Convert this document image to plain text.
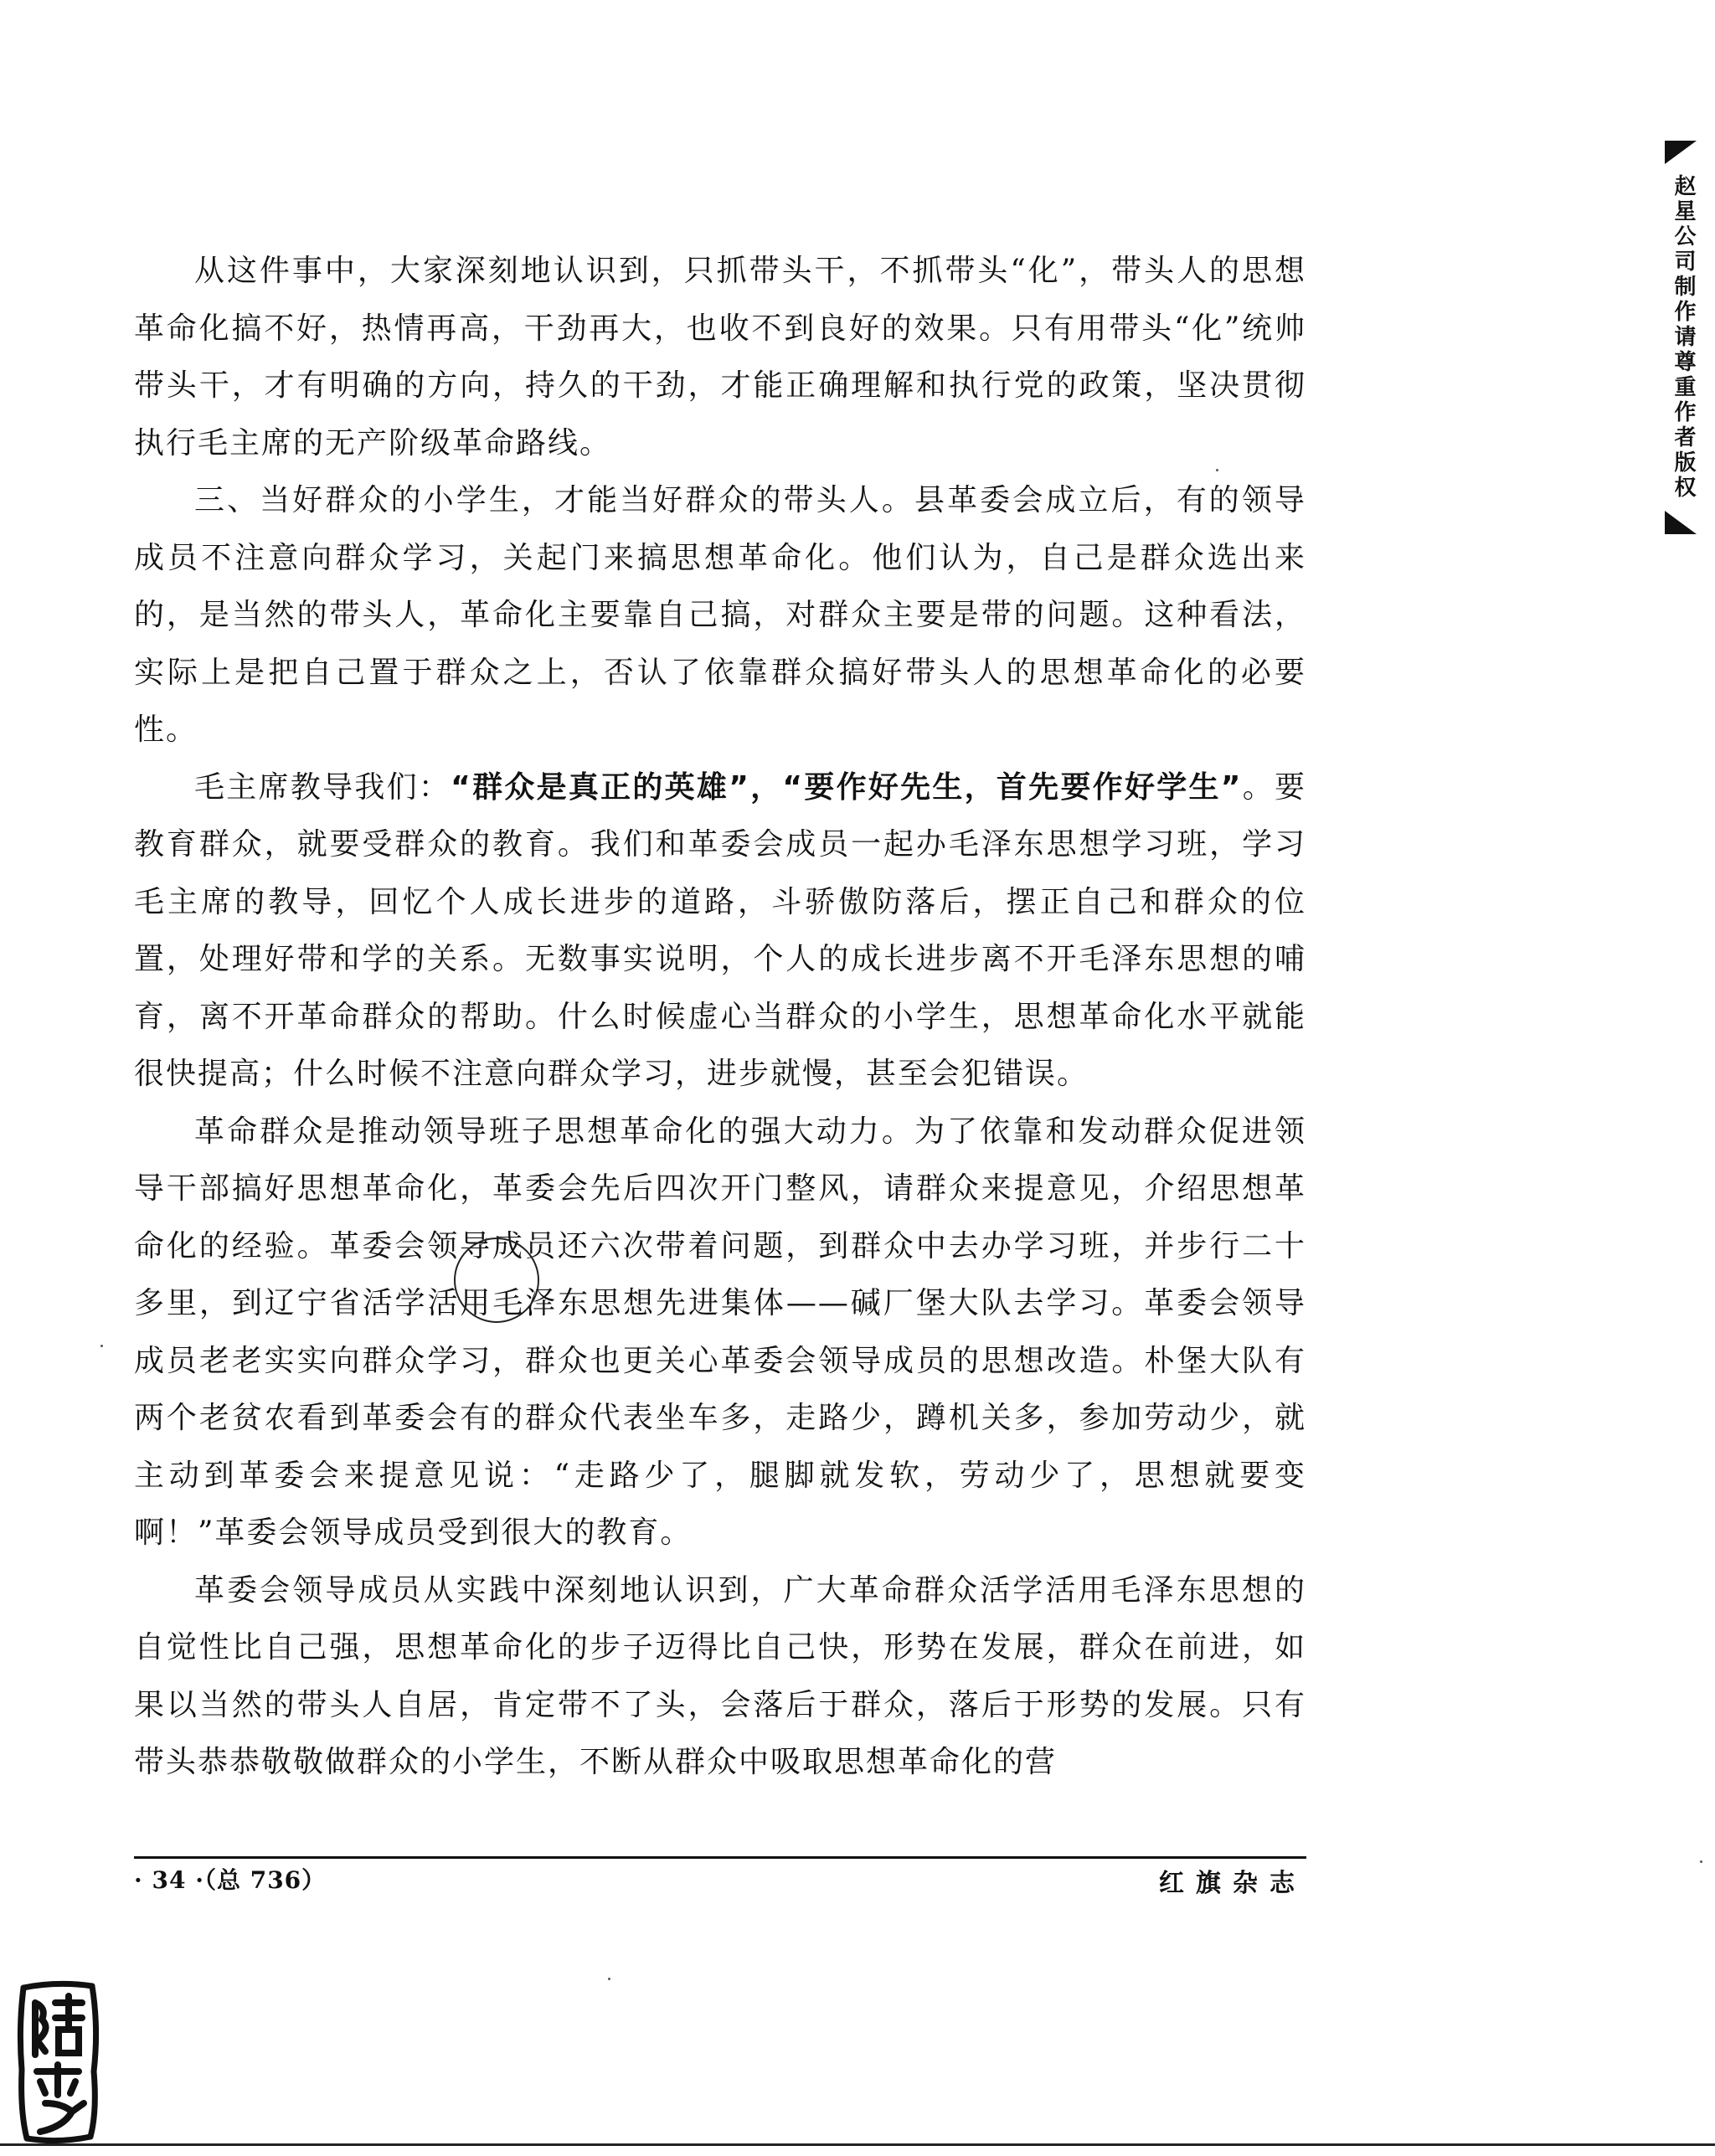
从这件事中，大家深刻地认识到，只抓带头干，不抓带头“化”，带头人的思想革命化搞不好，热情再高，干劲再大，也收不到良好的效果。只有用带头“化”统帅带头干，才有明确的方向，持久的干劲，才能正确理解和执行党的政策，坚决贯彻执行毛主席的无产阶级革命路线。

三、当好群众的小学生，才能当好群众的带头人。县革委会成立后，有的领导成员不注意向群众学习，关起门来搞思想革命化。他们认为，自己是群众选出来的，是当然的带头人，革命化主要靠自己搞，对群众主要是带的问题。这种看法，实际上是把自己置于群众之上，否认了依靠群众搞好带头人的思想革命化的必要性。

毛主席教导我们：“群众是真正的英雄”，“要作好先生，首先要作好学生”。要教育群众，就要受群众的教育。我们和革委会成员一起办毛泽东思想学习班，学习毛主席的教导，回忆个人成长进步的道路，斗骄傲防落后，摆正自己和群众的位置，处理好带和学的关系。无数事实说明，个人的成长进步离不开毛泽东思想的哺育，离不开革命群众的帮助。什么时候虚心当群众的小学生，思想革命化水平就能很快提高；什么时候不注意向群众学习，进步就慢，甚至会犯错误。

革命群众是推动领导班子思想革命化的强大动力。为了依靠和发动群众促进领导干部搞好思想革命化，革委会先后四次开门整风，请群众来提意见，介绍思想革命化的经验。革委会领导成员还六次带着问题，到群众中去办学习班，并步行二十多里，到辽宁省活学活用毛泽东思想先进集体——碱厂堡大队去学习。革委会领导成员老老实实向群众学习，群众也更关心革委会领导成员的思想改造。朴堡大队有两个老贫农看到革委会有的群众代表坐车多，走路少，蹲机关多，参加劳动少，就主动到革委会来提意见说：“走路少了，腿脚就发软，劳动少了，思想就要变啊！”革委会领导成员受到很大的教育。

革委会领导成员从实践中深刻地认识到，广大革命群众活学活用毛泽东思想的自觉性比自己强，思想革命化的步子迈得比自己快，形势在发展，群众在前进，如果以当然的带头人自居，肯定带不了头，会落后于群众，落后于形势的发展。只有带头恭恭敬敬做群众的小学生，不断从群众中吸取思想革命化的营

· 34 ·（总 736）	红旗杂志
赵星公司制作请尊重作者版权
